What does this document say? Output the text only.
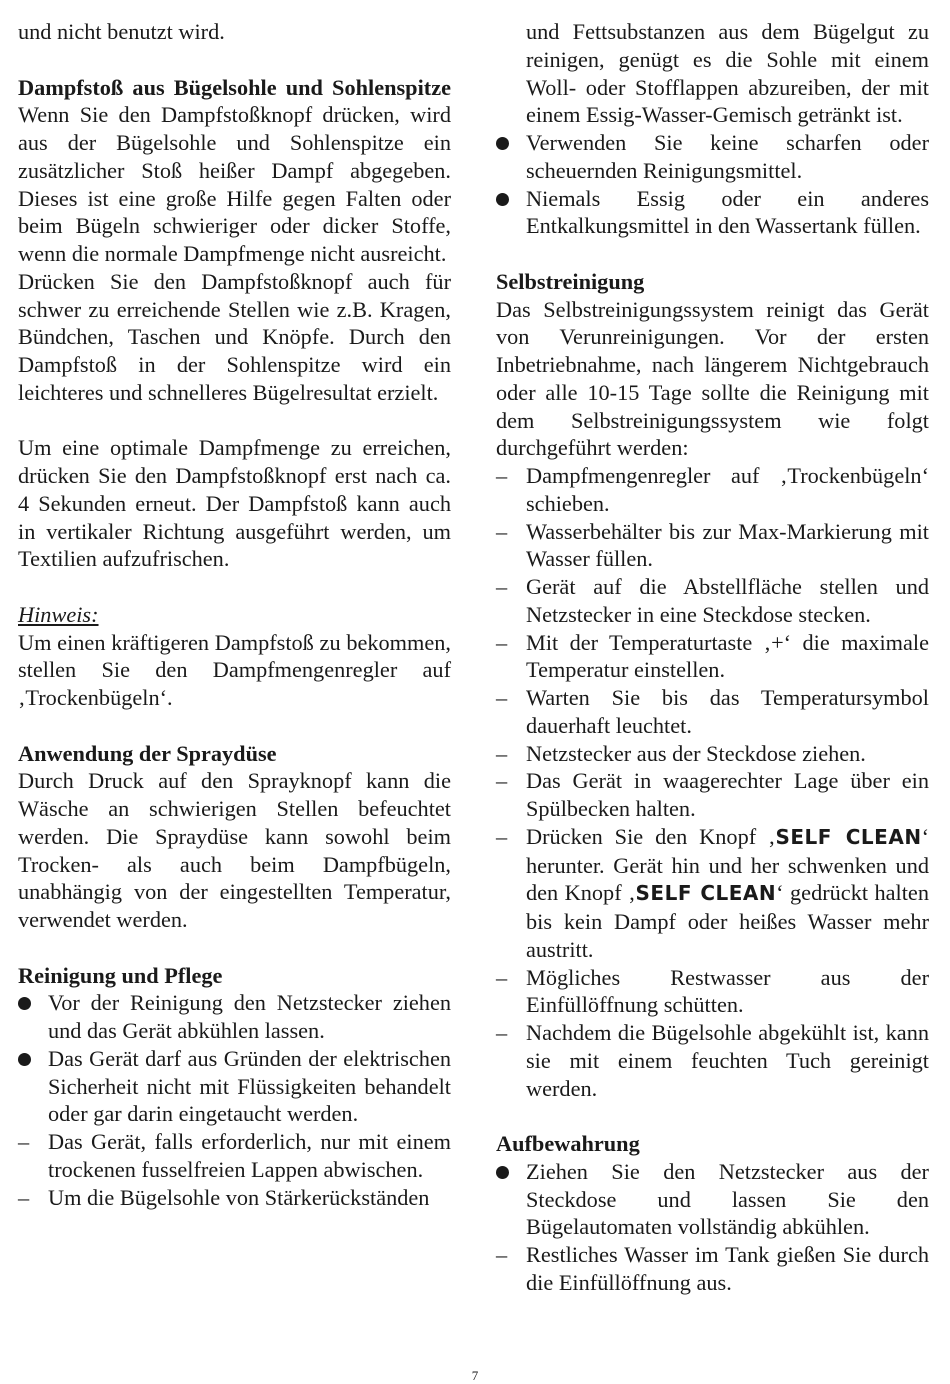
und nicht benutzt wird.

Dampfstoß aus Bügelsohle und Sohlenspitze

Wenn Sie den Dampfstoßknopf drücken, wird aus der Bügelsohle und Sohlenspitze ein zusätzlicher Stoß heißer Dampf abgegeben. Dieses ist eine große Hilfe gegen Falten oder beim Bügeln schwieriger oder dicker Stoffe, wenn die normale Dampfmenge nicht ausreicht.

Drücken Sie den Dampfstoßknopf auch für schwer zu erreichende Stellen wie z.B. Kragen, Bündchen, Taschen und Knöpfe. Durch den Dampfstoß in der Sohlenspitze wird ein leichteres und schnelleres Bügelresultat erzielt.

Um eine optimale Dampfmenge zu erreichen, drücken Sie den Dampfstoßknopf erst nach ca. 4 Sekunden erneut. Der Dampfstoß kann auch in vertikaler Richtung ausgeführt werden, um Textilien aufzufrischen.

Hinweis:

Um einen kräftigeren Dampfstoß zu bekommen, stellen Sie den Dampfmengenregler auf ‚Trockenbügeln‘.

Anwendung der Spraydüse

Durch Druck auf den Sprayknopf kann die Wäsche an schwierigen Stellen befeuchtet werden. Die Spraydüse kann sowohl beim Trocken- als auch beim Dampfbügeln, unabhängig von der eingestellten Temperatur, verwendet werden.

Reinigung und Pflege
Vor der Reinigung den Netzstecker ziehen und das Gerät abkühlen lassen.
Das Gerät darf aus Gründen der elektrischen Sicherheit nicht mit Flüssigkeiten behandelt oder gar darin eingetaucht werden.
– Das Gerät, falls erforderlich, nur mit einem trockenen fusselfreien Lappen abwischen.
– Um die Bügelsohle von Stärkerückständen
und Fettsubstanzen aus dem Bügelgut zu reinigen, genügt es die Sohle mit einem Woll- oder Stofflappen abzureiben, der mit einem Essig-Wasser-Gemisch getränkt ist.
Verwenden Sie keine scharfen oder scheuernden Reinigungsmittel.
Niemals Essig oder ein anderes Entkalkungsmittel in den Wassertank füllen.
Selbstreinigung

Das Selbstreinigungssystem reinigt das Gerät von Verunreinigungen. Vor der ersten Inbetriebnahme, nach längerem Nichtgebrauch oder alle 10-15 Tage sollte die Reinigung mit dem Selbstreinigungssystem wie folgt durchgeführt werden:

– Dampfmengenregler auf ‚Trockenbügeln‘ schieben.
– Wasserbehälter bis zur Max-Markierung mit Wasser füllen.
– Gerät auf die Abstellfläche stellen und Netzstecker in eine Steckdose stecken.
– Mit der Temperaturtaste ‚+‘ die maximale Temperatur einstellen.
– Warten Sie bis das Temperatursymbol dauerhaft leuchtet.
– Netzstecker aus der Steckdose ziehen.
– Das Gerät in waagerechter Lage über ein Spülbecken halten.
– Drücken Sie den Knopf ‚SELF CLEAN‘ herunter. Gerät hin und her schwenken und den Knopf ‚SELF CLEAN‘ gedrückt halten bis kein Dampf oder heißes Wasser mehr austritt.
– Mögliches Restwasser aus der Einfüllöffnung schütten.
– Nachdem die Bügelsohle abgekühlt ist, kann sie mit einem feuchten Tuch gereinigt werden.
Aufbewahrung
Ziehen Sie den Netzstecker aus der Steckdose und lassen Sie den Bügelautomaten vollständig abkühlen.
– Restliches Wasser im Tank gießen Sie durch die Einfüllöffnung aus.
7
